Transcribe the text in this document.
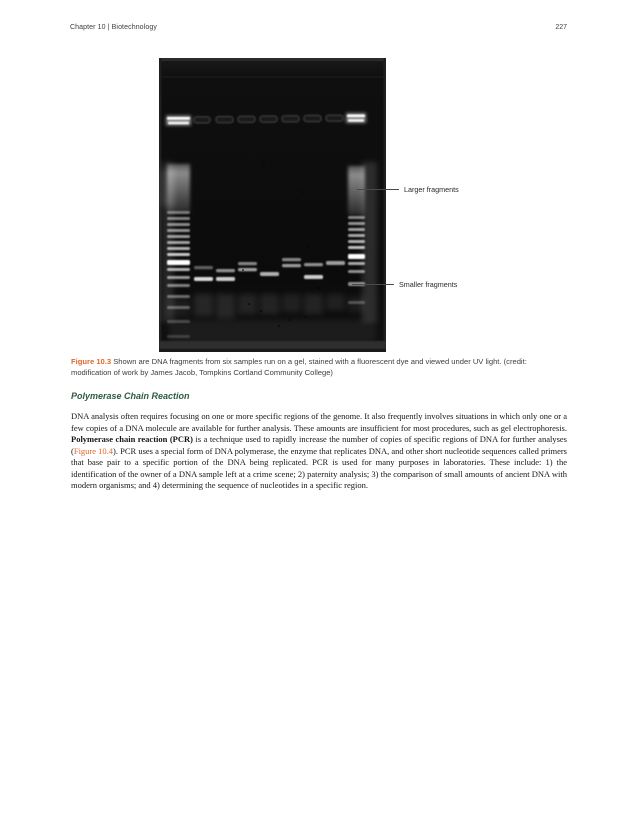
Chapter 10 | Biotechnology	227
Larger fragments
Smaller fragments

Figure 10.3 Shown are DNA fragments from six samples run on a gel, stained with a fluorescent dye and viewed under UV light. (credit: modification of work by James Jacob, Tompkins Cortland Community College)

Polymerase Chain Reaction

DNA analysis often requires focusing on one or more specific regions of the genome. It also frequently involves situations in which only one or a few copies of a DNA molecule are available for further analysis. These amounts are insufficient for most procedures, such as gel electrophoresis. Polymerase chain reaction (PCR) is a technique used to rapidly increase the number of copies of specific regions of DNA for further analyses (Figure 10.4). PCR uses a special form of DNA polymerase, the enzyme that replicates DNA, and other short nucleotide sequences called primers that base pair to a specific portion of the DNA being replicated. PCR is used for many purposes in laboratories. These include: 1) the identification of the owner of a DNA sample left at a crime scene; 2) paternity analysis; 3) the comparison of small amounts of ancient DNA with modern organisms; and 4) determining the sequence of nucleotides in a specific region.
